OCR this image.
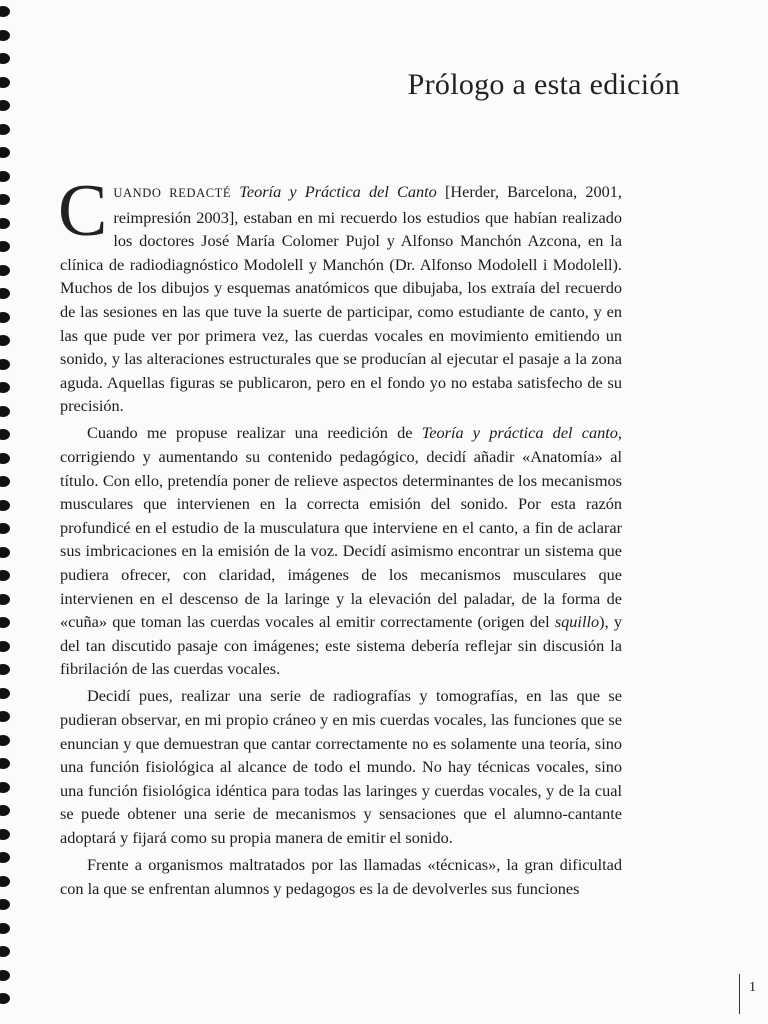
Prólogo a esta edición

CUANDO REDACTÉ Teoría y Práctica del Canto [Herder, Barcelona, 2001, reimpresión 2003], estaban en mi recuerdo los estudios que habían realizado los doctores José María Colomer Pujol y Alfonso Manchón Azcona, en la clínica de radiodiagnóstico Modolell y Manchón (Dr. Alfonso Modolell i Modolell). Muchos de los dibujos y esquemas anatómicos que dibujaba, los extraía del recuerdo de las sesiones en las que tuve la suerte de participar, como estudiante de canto, y en las que pude ver por primera vez, las cuerdas vocales en movimiento emitiendo un sonido, y las alteraciones estructurales que se producían al ejecutar el pasaje a la zona aguda. Aquellas figuras se publicaron, pero en el fondo yo no estaba satisfecho de su precisión.

Cuando me propuse realizar una reedición de Teoría y práctica del canto, corrigiendo y aumentando su contenido pedagógico, decidí añadir «Anatomía» al título. Con ello, pretendía poner de relieve aspectos determinantes de los mecanismos musculares que intervienen en la correcta emisión del sonido. Por esta razón profundicé en el estudio de la musculatura que interviene en el canto, a fin de aclarar sus imbricaciones en la emisión de la voz. Decidí asimismo encontrar un sistema que pudiera ofrecer, con claridad, imágenes de los mecanismos musculares que intervienen en el descenso de la laringe y la elevación del paladar, de la forma de «cuña» que toman las cuerdas vocales al emitir correctamente (origen del squillo), y del tan discutido pasaje con imágenes; este sistema debería reflejar sin discusión la fibrilación de las cuerdas vocales.

Decidí pues, realizar una serie de radiografías y tomografías, en las que se pudieran observar, en mi propio cráneo y en mis cuerdas vocales, las funciones que se enuncian y que demuestran que cantar correctamente no es solamente una teoría, sino una función fisiológica al alcance de todo el mundo. No hay técnicas vocales, sino una función fisiológica idéntica para todas las laringes y cuerdas vocales, y de la cual se puede obtener una serie de mecanismos y sensaciones que el alumno-cantante adoptará y fijará como su propia manera de emitir el sonido.

Frente a organismos maltratados por las llamadas «técnicas», la gran dificultad con la que se enfrentan alumnos y pedagogos es la de devolverles sus funciones

1
